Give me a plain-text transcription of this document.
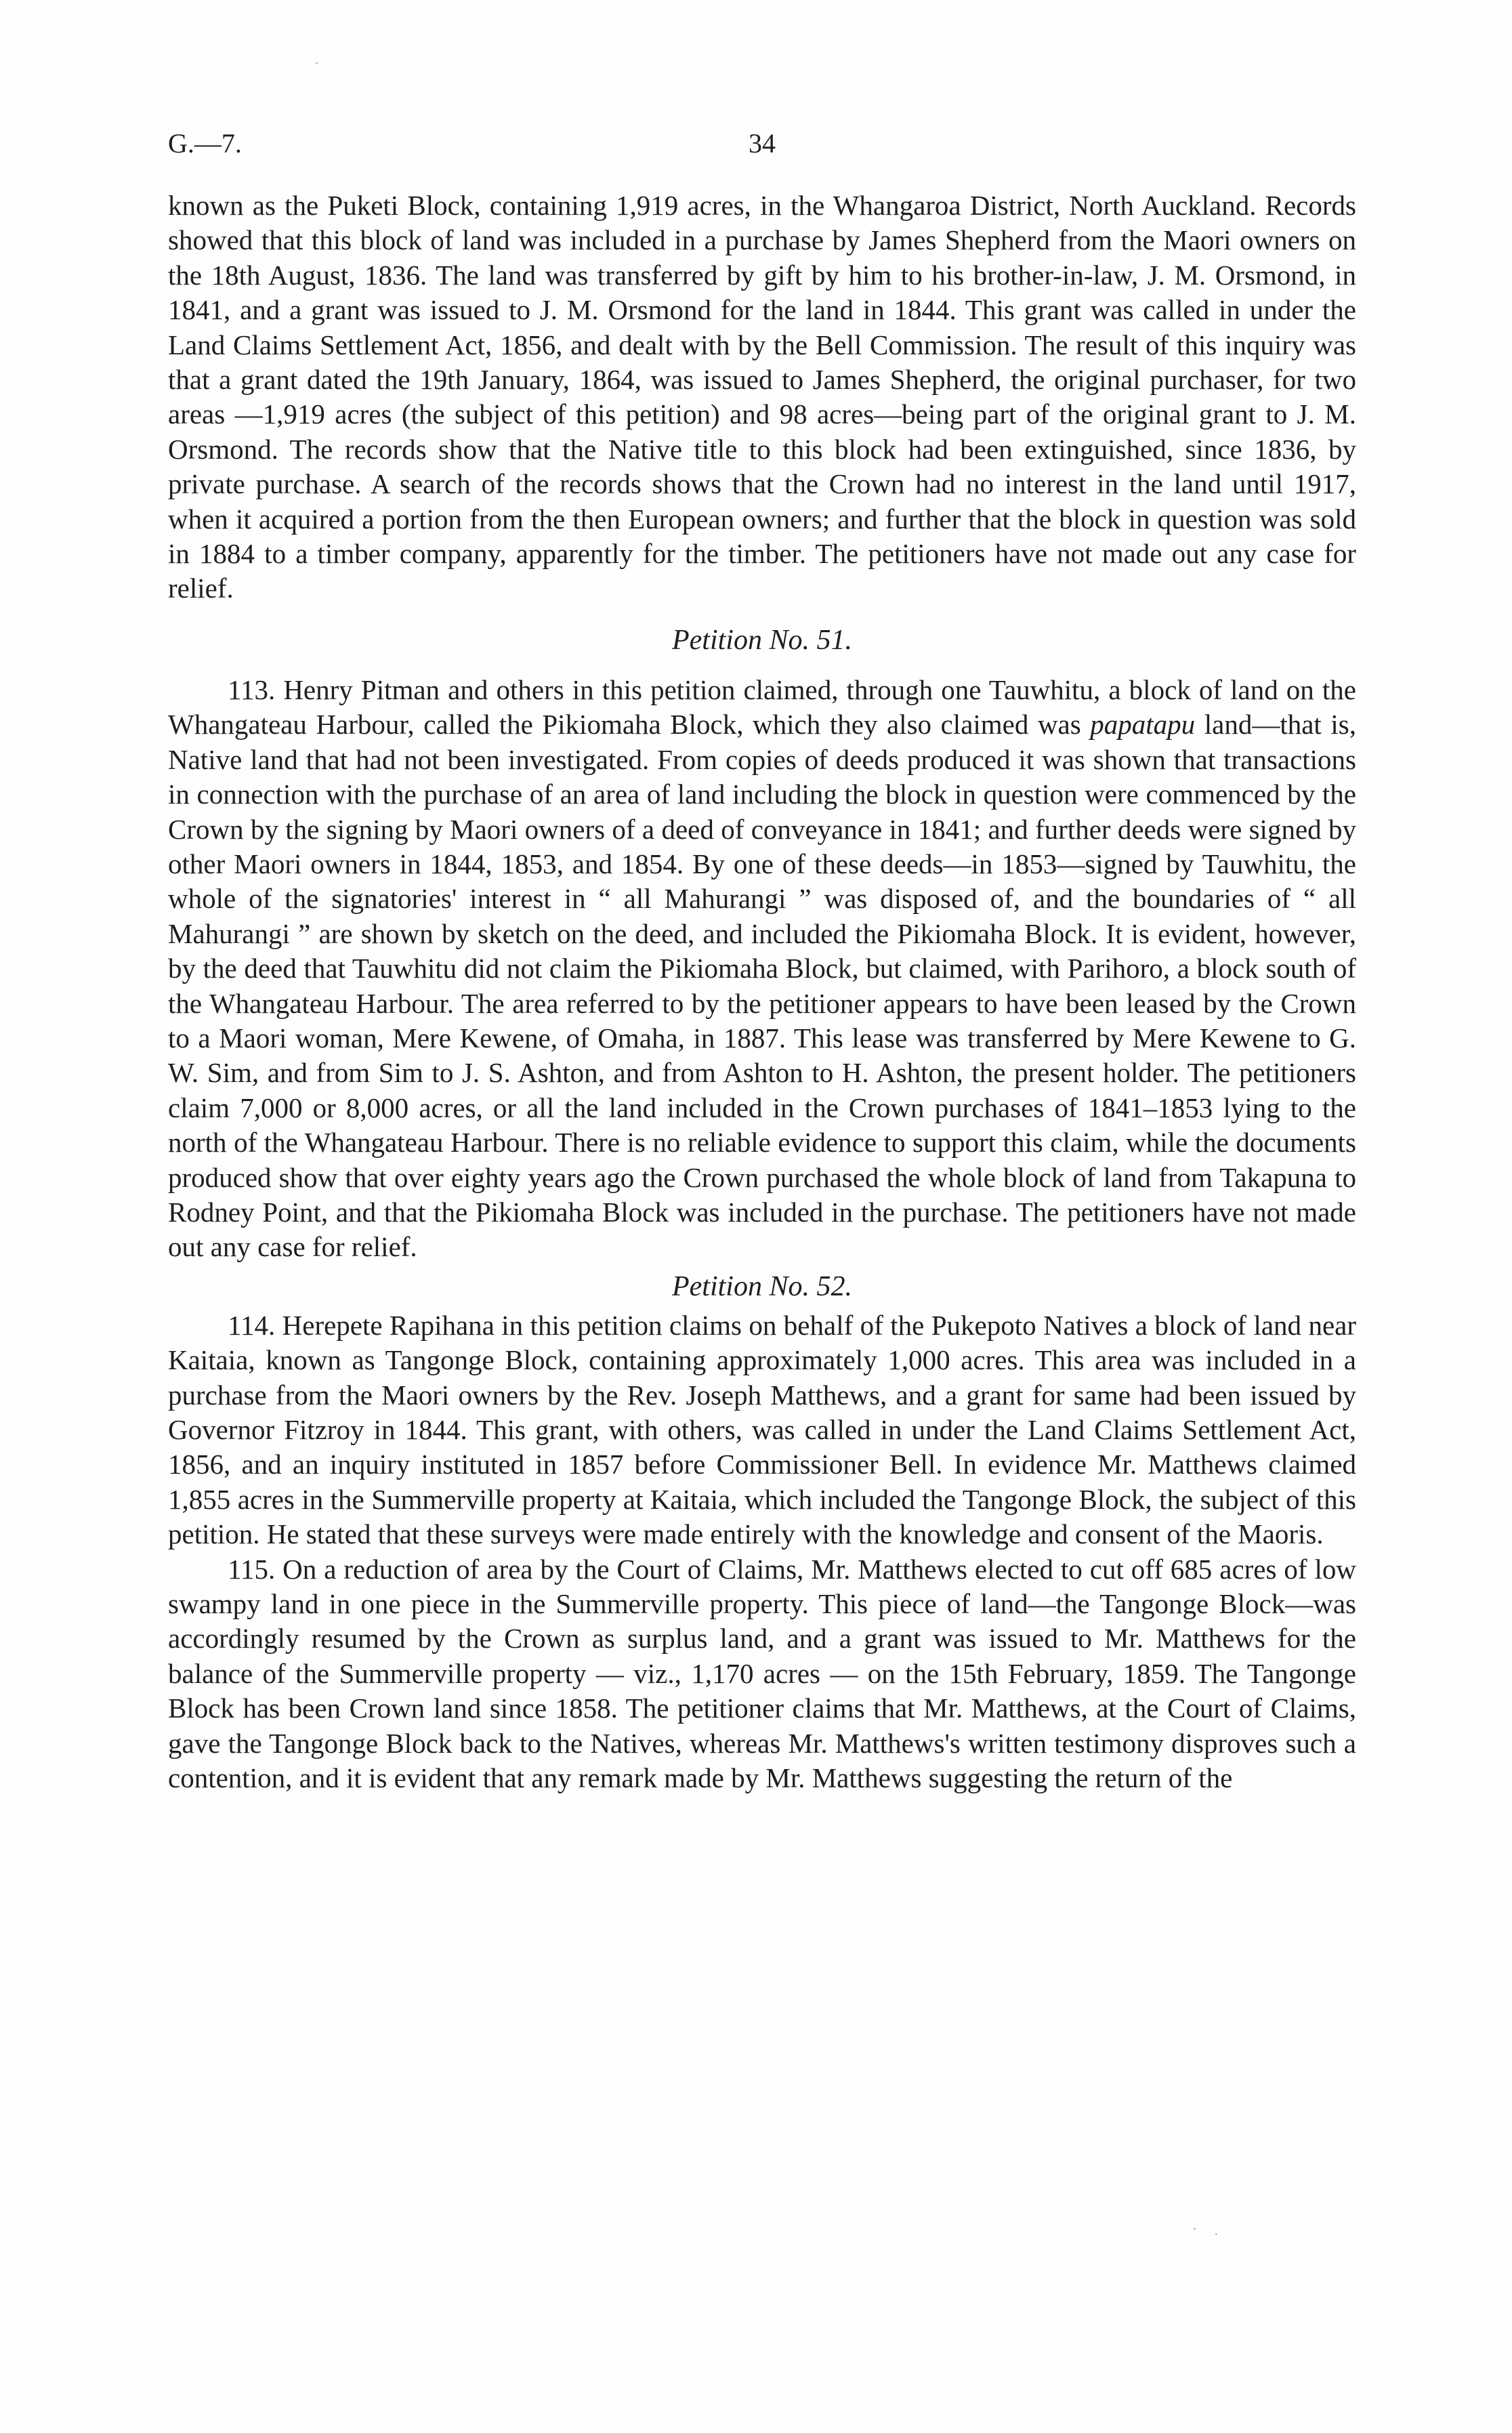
G.—7.	34

known as the Puketi Block, containing 1,919 acres, in the Whangaroa District, North Auckland. Records showed that this block of land was included in a purchase by James Shepherd from the Maori owners on the 18th August, 1836. The land was transferred by gift by him to his brother-in-law, J. M. Orsmond, in 1841, and a grant was issued to J. M. Orsmond for the land in 1844. This grant was called in under the Land Claims Settlement Act, 1856, and dealt with by the Bell Commission. The result of this inquiry was that a grant dated the 19th January, 1864, was issued to James Shepherd, the original purchaser, for two areas —1,919 acres (the subject of this petition) and 98 acres—being part of the original grant to J. M. Orsmond. The records show that the Native title to this block had been extinguished, since 1836, by private purchase. A search of the records shows that the Crown had no interest in the land until 1917, when it acquired a portion from the then European owners; and further that the block in question was sold in 1884 to a timber company, apparently for the timber. The petitioners have not made out any case for relief.

Petition No. 51.

113. Henry Pitman and others in this petition claimed, through one Tauwhitu, a block of land on the Whangateau Harbour, called the Pikiomaha Block, which they also claimed was papatapu land—that is, Native land that had not been investigated. From copies of deeds produced it was shown that transactions in connection with the purchase of an area of land including the block in question were commenced by the Crown by the signing by Maori owners of a deed of conveyance in 1841; and further deeds were signed by other Maori owners in 1844, 1853, and 1854. By one of these deeds—in 1853—signed by Tauwhitu, the whole of the signatories' interest in “ all Mahurangi ” was disposed of, and the boundaries of “ all Mahurangi ” are shown by sketch on the deed, and included the Pikiomaha Block. It is evident, however, by the deed that Tauwhitu did not claim the Pikiomaha Block, but claimed, with Parihoro, a block south of the Whangateau Harbour. The area referred to by the petitioner appears to have been leased by the Crown to a Maori woman, Mere Kewene, of Omaha, in 1887. This lease was transferred by Mere Kewene to G. W. Sim, and from Sim to J. S. Ashton, and from Ashton to H. Ashton, the present holder. The petitioners claim 7,000 or 8,000 acres, or all the land included in the Crown purchases of 1841–1853 lying to the north of the Whangateau Harbour. There is no reliable evidence to support this claim, while the documents produced show that over eighty years ago the Crown purchased the whole block of land from Takapuna to Rodney Point, and that the Pikiomaha Block was included in the purchase. The petitioners have not made out any case for relief.

Petition No. 52.

114. Herepete Rapihana in this petition claims on behalf of the Pukepoto Natives a block of land near Kaitaia, known as Tangonge Block, containing approximately 1,000 acres. This area was included in a purchase from the Maori owners by the Rev. Joseph Matthews, and a grant for same had been issued by Governor Fitzroy in 1844. This grant, with others, was called in under the Land Claims Settlement Act, 1856, and an inquiry instituted in 1857 before Commissioner Bell. In evidence Mr. Matthews claimed 1,855 acres in the Summerville property at Kaitaia, which included the Tangonge Block, the subject of this petition. He stated that these surveys were made entirely with the knowledge and consent of the Maoris.

115. On a reduction of area by the Court of Claims, Mr. Matthews elected to cut off 685 acres of low swampy land in one piece in the Summerville property. This piece of land—the Tangonge Block—was accordingly resumed by the Crown as surplus land, and a grant was issued to Mr. Matthews for the balance of the Summerville property — viz., 1,170 acres — on the 15th February, 1859. The Tangonge Block has been Crown land since 1858. The petitioner claims that Mr. Matthews, at the Court of Claims, gave the Tangonge Block back to the Natives, whereas Mr. Matthews's written testimony disproves such a contention, and it is evident that any remark made by Mr. Matthews suggesting the return of the
